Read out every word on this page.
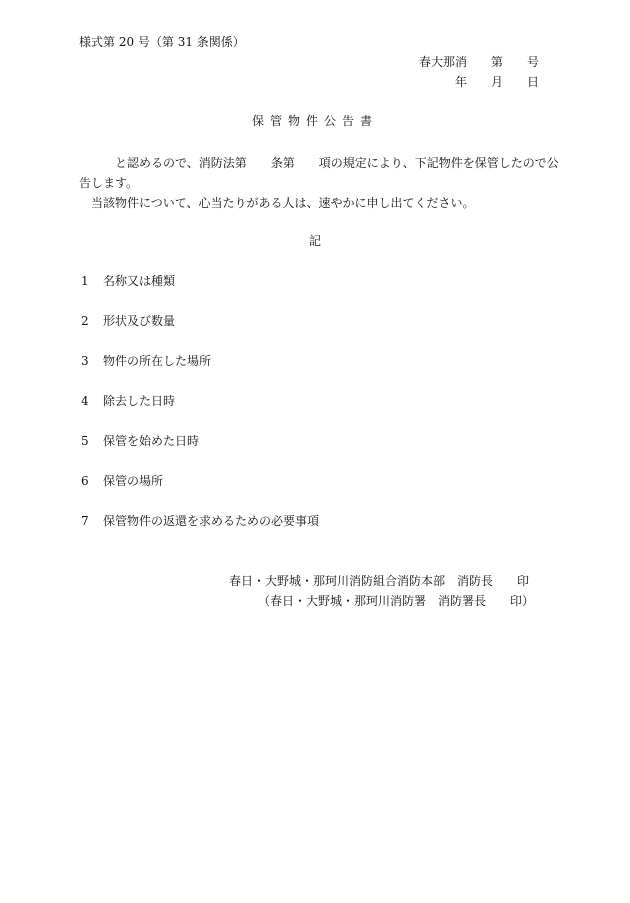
様式第 20 号（第 31 条関係）
春大那消　　第　　号
年　　月　　日
保管物件公告書
　　　と認めるので、消防法第　　条第　　項の規定により、下記物件を保管したので公
告します。
　当該物件について、心当たりがある人は、速やかに申し出てください。
記
1 名称又は種類
2 形状及び数量
3 物件の所在した場所
4 除去した日時
5 保管を始めた日時
6 保管の場所
7 保管物件の返還を求めるための必要事項
春日・大野城・那珂川消防組合消防本部　消防長　　印
（春日・大野城・那珂川消防署　消防署長　　印）
